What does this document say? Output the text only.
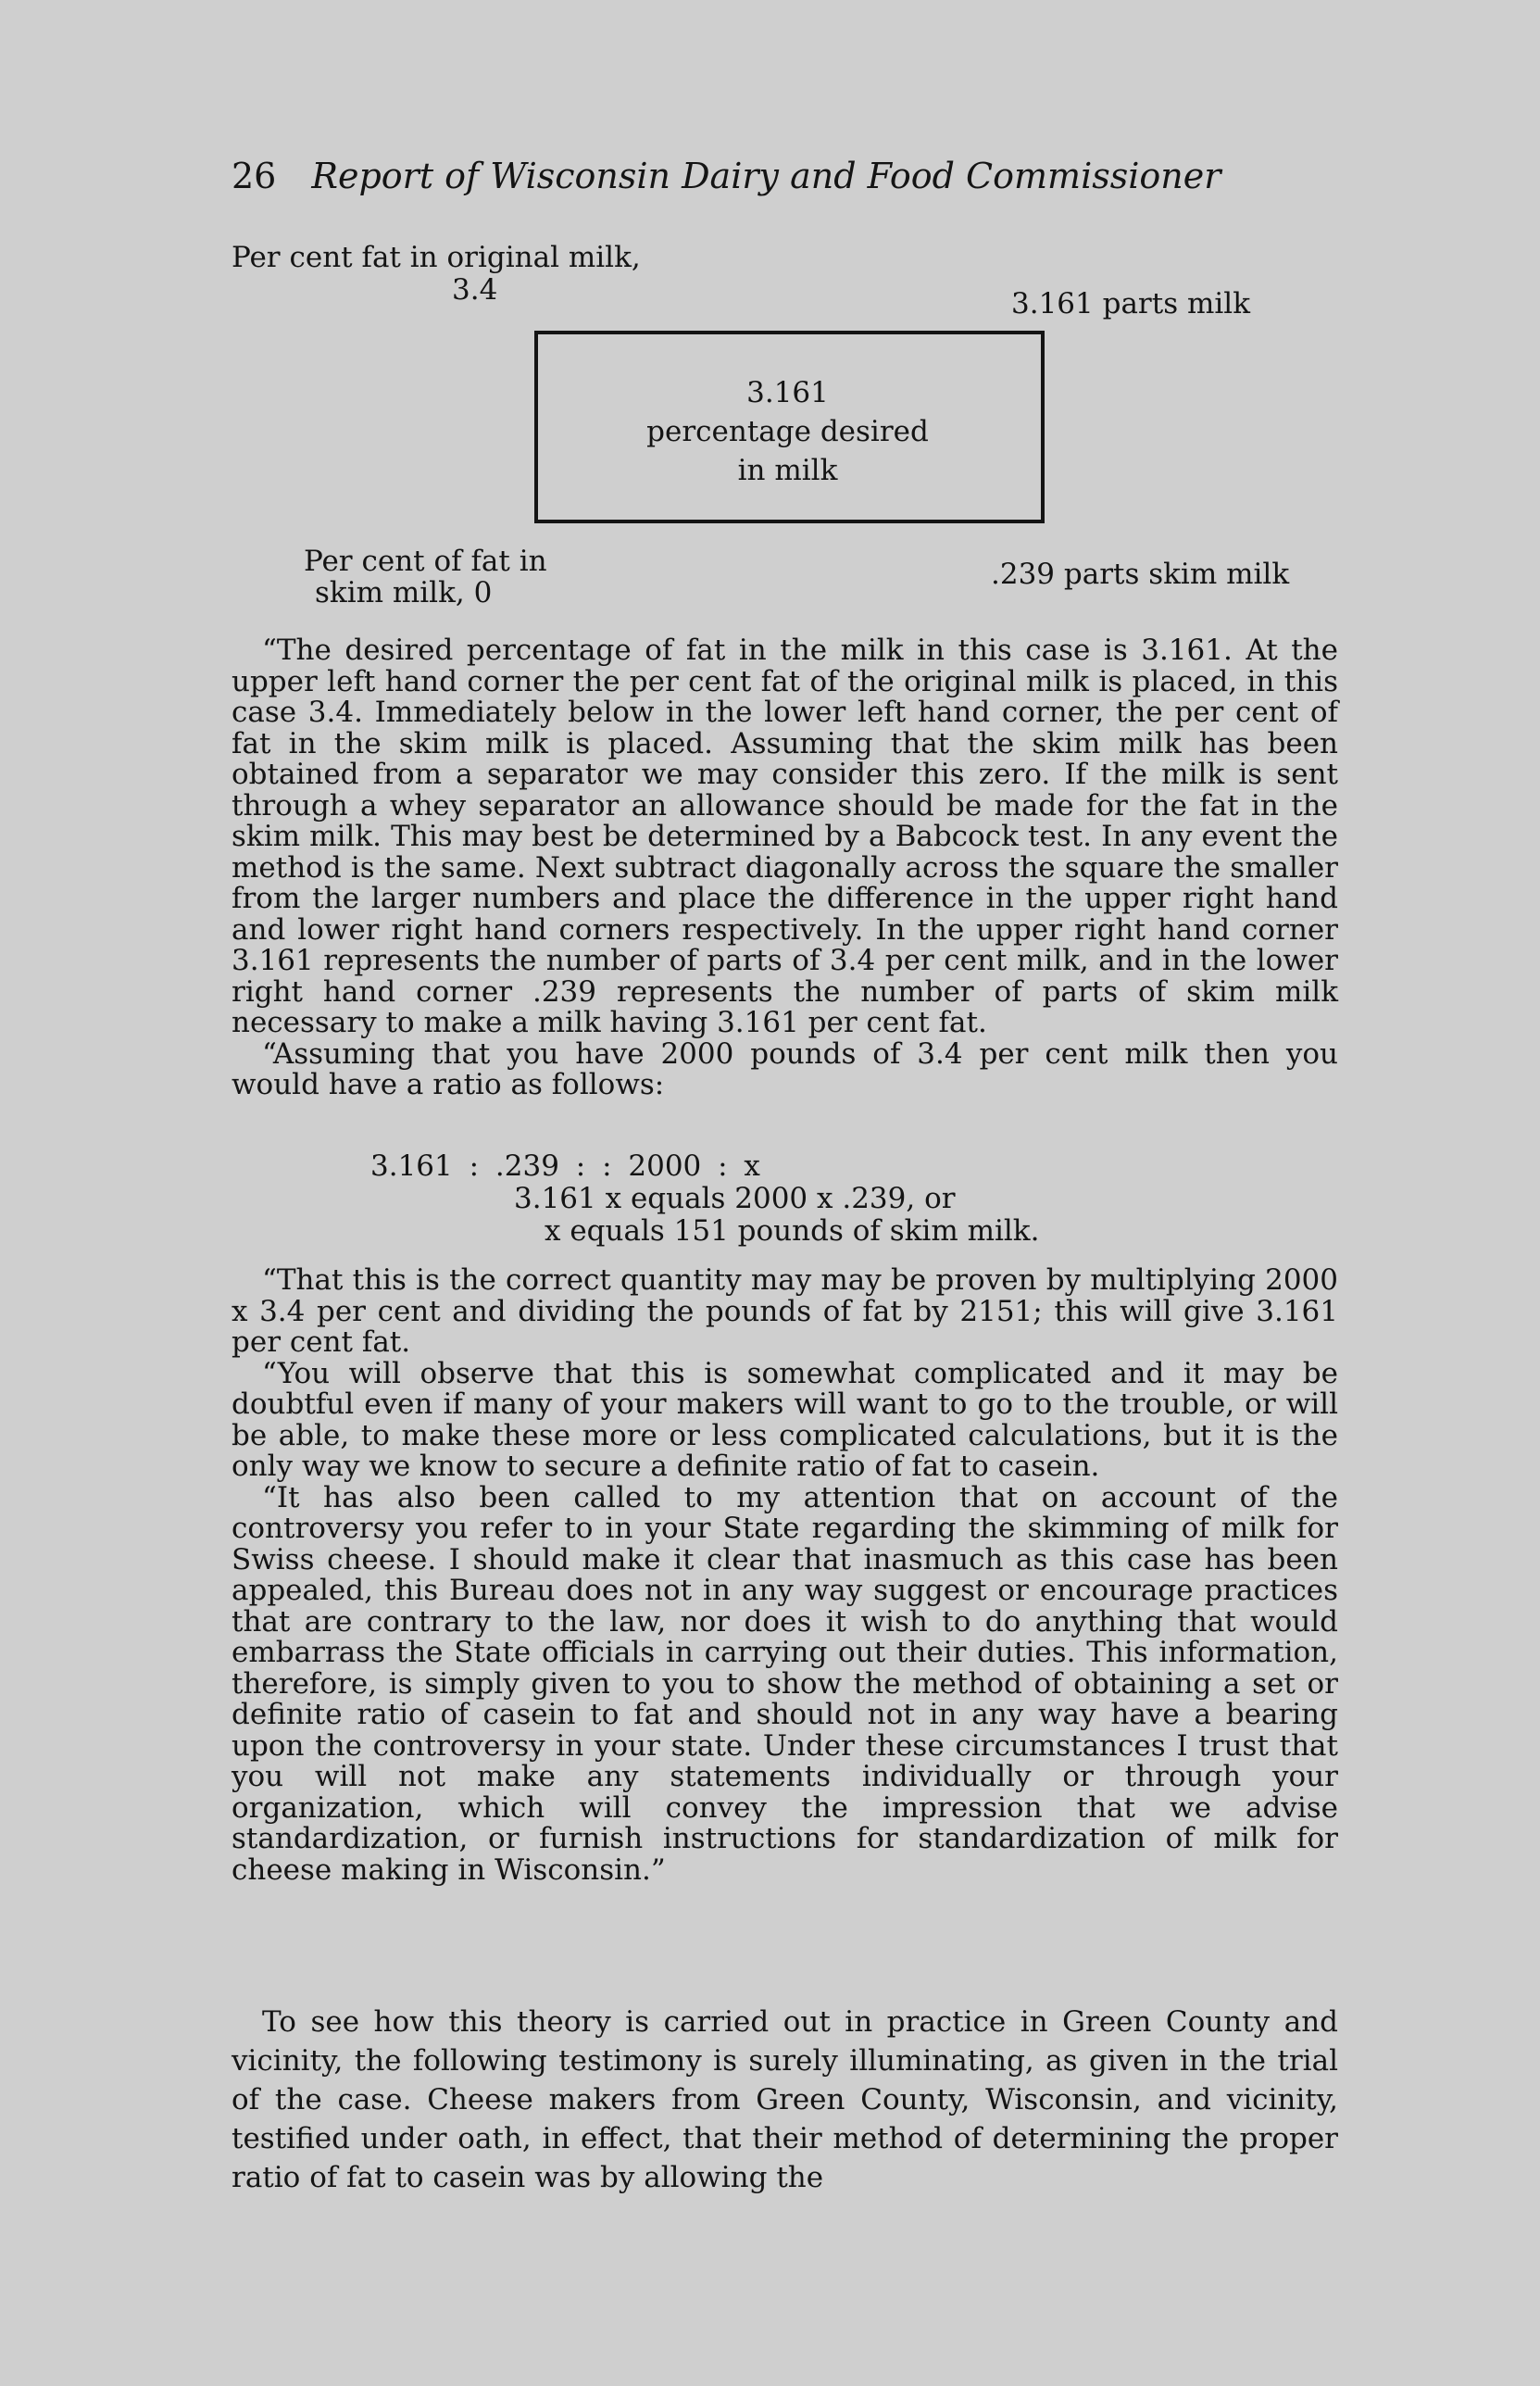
26 Report of Wisconsin Dairy and Food Commissioner
Per cent fat in original milk,
3.4	3.161 parts milk
3.161
percentage desired
in milk
Per cent of fat in
skim milk, 0
.239 parts skim milk

“The desired percentage of fat in the milk in this case is 3.161. At the upper left hand corner the per cent fat of the original milk is placed, in this case 3.4. Immediately below in the lower left hand corner, the per cent of fat in the skim milk is placed. Assuming that the skim milk has been obtained from a separator we may consider this zero. If the milk is sent through a whey separator an allowance should be made for the fat in the skim milk. This may best be determined by a Babcock test. In any event the method is the same. Next subtract diagonally across the square the smaller from the larger numbers and place the difference in the upper right hand and lower right hand corners respectively. In the upper right hand corner 3.161 represents the number of parts of 3.4 per cent milk, and in the lower right hand corner .239 represents the number of parts of skim milk necessary to make a milk having 3.161 per cent fat.

“Assuming that you have 2000 pounds of 3.4 per cent milk then you would have a ratio as follows:

3.161 : .239 : : 2000 : x
3.161 x equals 2000 x .239, or
x equals 151 pounds of skim milk.

“That this is the correct quantity may may be proven by multiplying 2000 x 3.4 per cent and dividing the pounds of fat by 2151; this will give 3.161 per cent fat.

“You will observe that this is somewhat complicated and it may be doubtful even if many of your makers will want to go to the trouble, or will be able, to make these more or less complicated calculations, but it is the only way we know to secure a definite ratio of fat to casein.

“It has also been called to my attention that on account of the controversy you refer to in your State regarding the skimming of milk for Swiss cheese. I should make it clear that inasmuch as this case has been appealed, this Bureau does not in any way suggest or encourage practices that are contrary to the law, nor does it wish to do anything that would embarrass the State officials in carrying out their duties. This information, therefore, is simply given to you to show the method of obtaining a set or definite ratio of casein to fat and should not in any way have a bearing upon the controversy in your state. Under these circumstances I trust that you will not make any statements individually or through your organization, which will convey the impression that we advise standardization, or furnish instructions for standardization of milk for cheese making in Wisconsin.”

To see how this theory is carried out in practice in Green County and vicinity, the following testimony is surely illuminating, as given in the trial of the case. Cheese makers from Green County, Wisconsin, and vicinity, testified under oath, in effect, that their method of determining the proper ratio of fat to casein was by allowing the
